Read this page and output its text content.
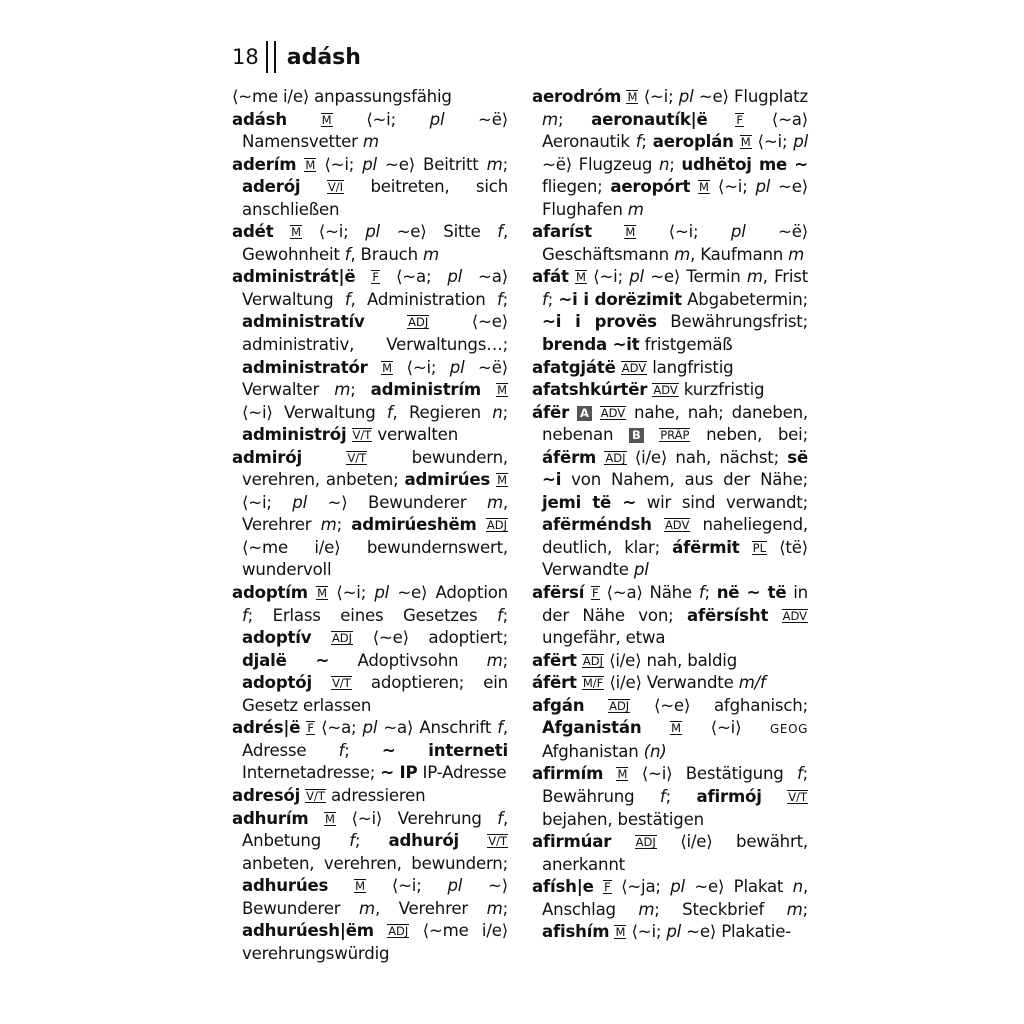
18 adásh
⟨~me i/e⟩ anpassungsfähig
adásh	M ⟨~i; pl ~ë⟩ Namensvetter m
aderím M ⟨~i; pl ~e⟩ Beitritt m; aderój V/I beitreten, sich anschließen
adét M ⟨~i; pl ~e⟩ Sitte f, Gewohnheit f, Brauch m
administrát|ë F ⟨~a; pl ~a⟩ Verwaltung f, Administration f; administratív	ADJ ⟨~e⟩ administrativ, Verwaltungs…; administratór M ⟨~i; pl ~ë⟩ Verwalter m; administrím M ⟨~i⟩ Verwaltung f, Regieren n; administrój V/T verwalten
admirój	V/T bewundern, verehren, anbeten; admirúes M ⟨~i; pl ~⟩ Bewunderer m, Verehrer m; admirúeshëm ADJ ⟨~me i/e⟩ bewundernswert, wundervoll
adoptím M ⟨~i; pl ~e⟩ Adoption f; Erlass eines Gesetzes f; adoptív ADJ ⟨~e⟩ adoptiert; djalë ~ Adoptivsohn m; adoptój V/T adoptieren; ein Gesetz erlassen
adrés|ë F ⟨~a; pl ~a⟩ Anschrift f, Adresse f; ~ interneti Internetadresse; ~ IP IP-Adresse
adresój V/T adressieren
adhurím M ⟨~i⟩ Verehrung f, Anbetung f; adhurój	V/T anbeten, verehren, bewundern; adhurúes M ⟨~i; pl ~⟩ Bewunderer m, Verehrer m; adhurúesh|ëm ADJ ⟨~me i/e⟩ verehrungswürdig
aerodróm M ⟨~i; pl ~e⟩ Flugplatz m; aeronautík|ë	F ⟨~a⟩ Aeronautik f; aeroplán M ⟨~i; pl ~ë⟩ Flugzeug n; udhëtoj me ~ fliegen; aeropórt M ⟨~i; pl ~e⟩ Flughafen m
afaríst	M ⟨~i; pl ~ë⟩ Geschäftsmann m, Kaufmann m
afát M ⟨~i; pl ~e⟩ Termin m, Frist f; ~i i dorëzimit Abgabetermin; ~i i provës Bewährungsfrist; brenda ~it fristgemäß
afatgjátë ADV langfristig
afatshkúrtër ADV kurzfristig
áfër A ADV nahe, nah; daneben, nebenan B PRÄP neben, bei; áfërm ADJ ⟨i/e⟩ nah, nächst; së ~i von Nahem, aus der Nähe; jemi të ~ wir sind verwandt; afërméndsh ADV naheliegend, deutlich, klar; áfërmit PL ⟨të⟩ Verwandte pl
afërsí F ⟨~a⟩ Nähe f; në ~ të in der Nähe von; afërsísht ADV ungefähr, etwa
afërt ADJ ⟨i/e⟩ nah, baldig
áfërt M/F ⟨i/e⟩ Verwandte m/f
afgán ADJ ⟨~e⟩ afghanisch; Afganistán	M ⟨~i⟩ GEOG Afghanistan (n)
afirmím M ⟨~i⟩ Bestätigung f; Bewährung f; afirmój V/T bejahen, bestätigen
afirmúar ADJ ⟨i/e⟩ bewährt, anerkannt
afísh|e F ⟨~ja; pl ~e⟩ Plakat n, Anschlag m; Steckbrief m; afishím M ⟨~i; pl ~e⟩ Plakatie-
